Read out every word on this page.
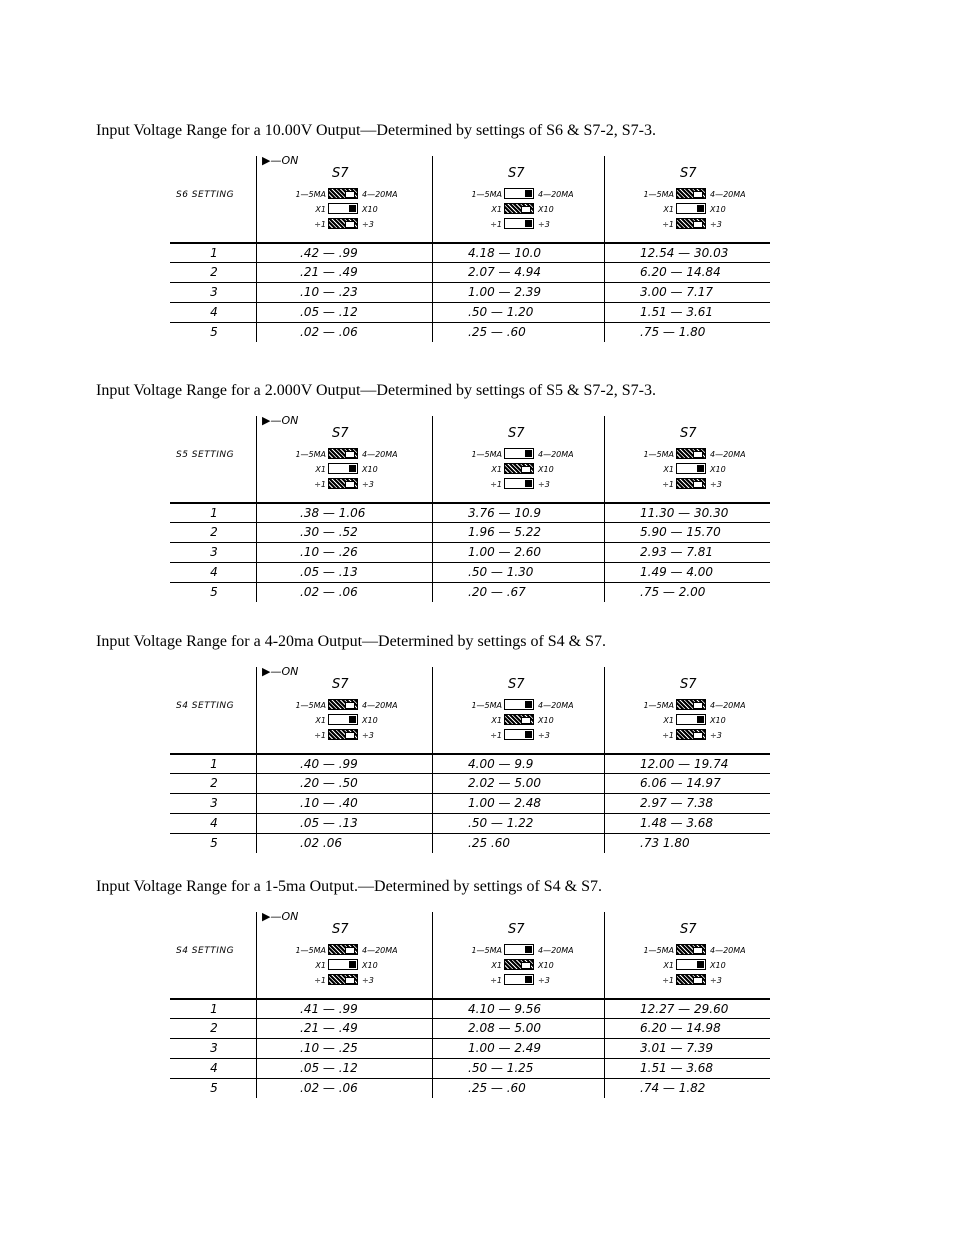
Input Voltage Range for a 10.00V Output—Determined by settings of S6 & S7-2, S7-3.

▶—ON
S6 SETTING
S7
1—5MA	4—20MA
X1	X10
÷1	÷3
S7
1—5MA	4—20MA
X1	X10
÷1	÷3
S7
1—5MA	4—20MA
X1	X10
÷1	÷3
1	.42 — .99	4.18 — 10.0	12.54 — 30.03
2	.21 — .49	2.07 — 4.94	6.20 — 14.84
3	.10 — .23	1.00 — 2.39	3.00 — 7.17
4	.05 — .12	.50 — 1.20	1.51 — 3.61
5	.02 — .06	.25 — .60	.75 — 1.80

Input Voltage Range for a 2.000V Output—Determined by settings of S5 & S7-2, S7-3.

▶—ON
S5 SETTING
S7
1—5MA	4—20MA
X1	X10
÷1	÷3
S7
1—5MA	4—20MA
X1	X10
÷1	÷3
S7
1—5MA	4—20MA
X1	X10
÷1	÷3
1	.38 — 1.06	3.76 — 10.9	11.30 — 30.30
2	.30 — .52	1.96 — 5.22	5.90 — 15.70
3	.10 — .26	1.00 — 2.60	2.93 — 7.81
4	.05 — .13	.50 — 1.30	1.49 — 4.00
5	.02 — .06	.20 — .67	.75 — 2.00

Input Voltage Range for a 4-20ma Output—Determined by settings of S4 & S7.

▶—ON
S4 SETTING
S7
1—5MA	4—20MA
X1	X10
÷1	÷3
S7
1—5MA	4—20MA
X1	X10
÷1	÷3
S7
1—5MA	4—20MA
X1	X10
÷1	÷3
1	.40 — .99	4.00 — 9.9	12.00 — 19.74
2	.20 — .50	2.02 — 5.00	6.06 — 14.97
3	.10 — .40	1.00 — 2.48	2.97 — 7.38
4	.05 — .13	.50 — 1.22	1.48 — 3.68
5	.02 .06	.25 .60	.73 1.80

Input Voltage Range for a 1-5ma Output.—Determined by settings of S4 & S7.

▶—ON
S4 SETTING
S7
1—5MA	4—20MA
X1	X10
÷1	÷3
S7
1—5MA	4—20MA
X1	X10
÷1	÷3
S7
1—5MA	4—20MA
X1	X10
÷1	÷3
1	.41 — .99	4.10 — 9.56	12.27 — 29.60
2	.21 — .49	2.08 — 5.00	6.20 — 14.98
3	.10 — .25	1.00 — 2.49	3.01 — 7.39
4	.05 — .12	.50 — 1.25	1.51 — 3.68
5	.02 — .06	.25 — .60	.74 — 1.82
